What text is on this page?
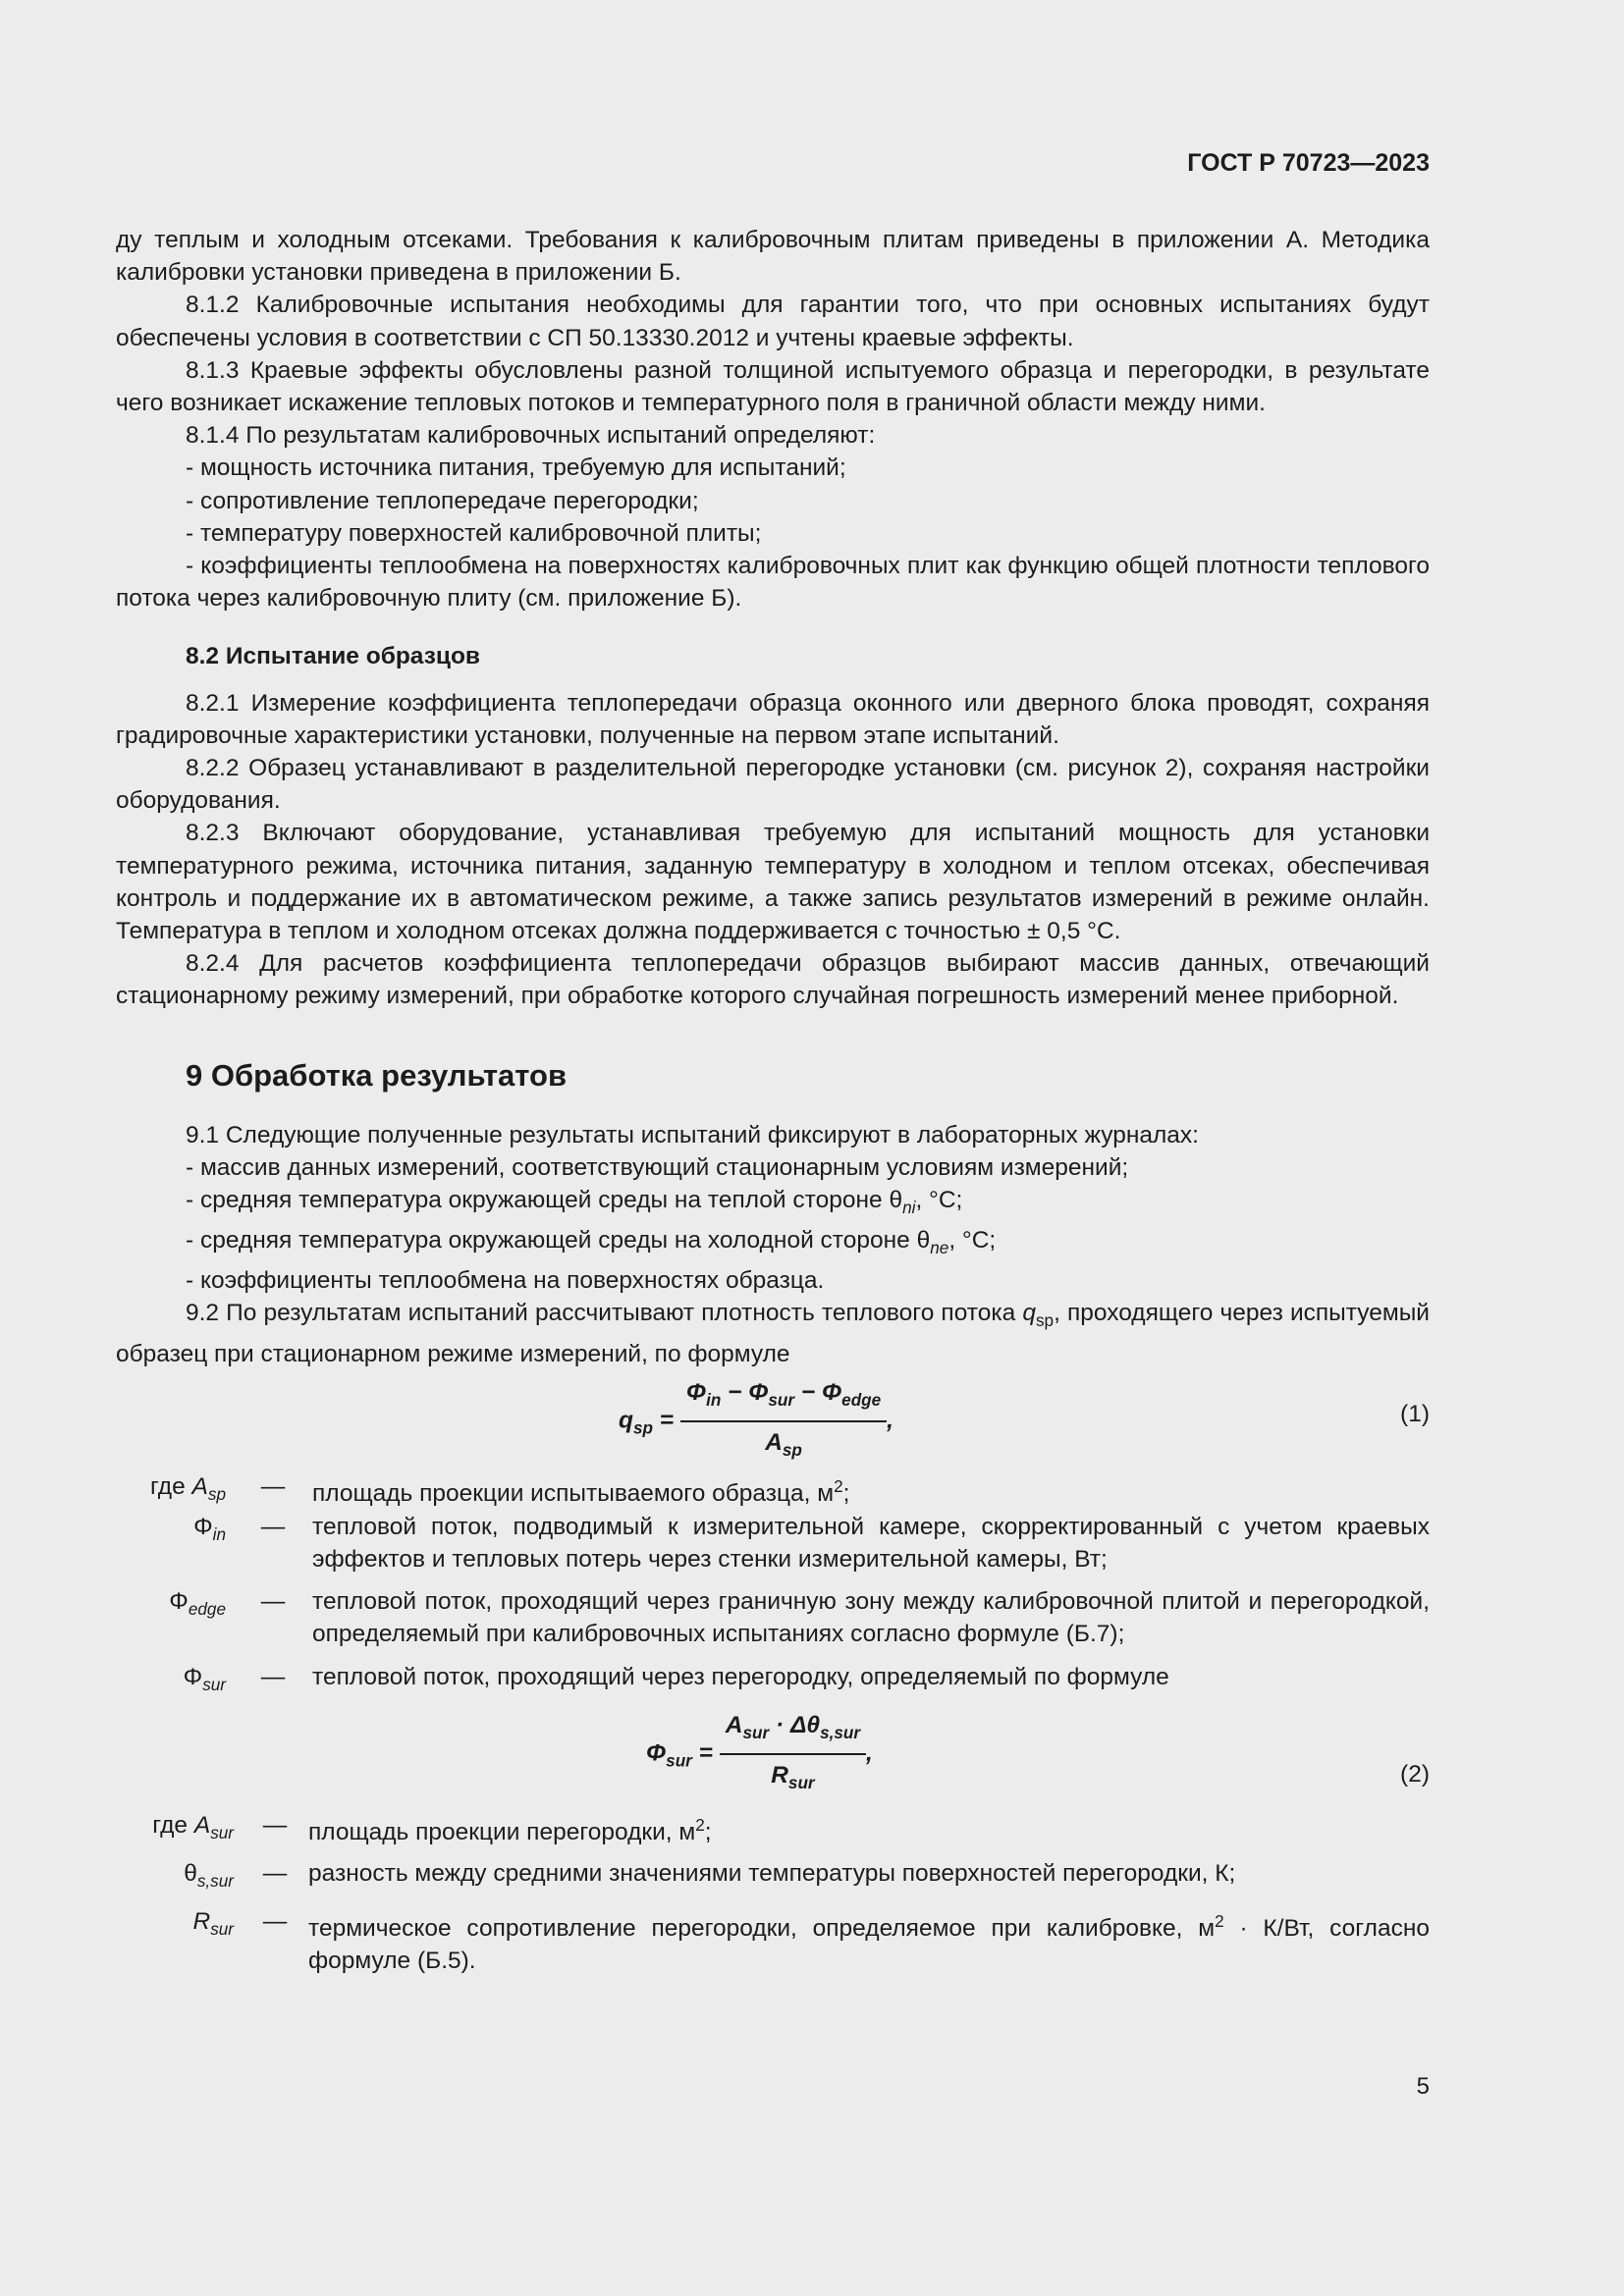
ГОСТ Р 70723—2023

ду теплым и холодным отсеками. Требования к калибровочным плитам приведены в приложении А. Методика калибровки установки приведена в приложении Б.

8.1.2 Калибровочные испытания необходимы для гарантии того, что при основных испытаниях будут обеспечены условия в соответствии с СП 50.13330.2012 и учтены краевые эффекты.

8.1.3 Краевые эффекты обусловлены разной толщиной испытуемого образца и перегородки, в результате чего возникает искажение тепловых потоков и температурного поля в граничной области между ними.

8.1.4 По результатам калибровочных испытаний определяют:

- мощность источника питания, требуемую для испытаний;

- сопротивление теплопередаче перегородки;

- температуру поверхностей калибровочной плиты;

- коэффициенты теплообмена на поверхностях калибровочных плит как функцию общей плотности теплового потока через калибровочную плиту (см. приложение Б).

8.2 Испытание образцов

8.2.1 Измерение коэффициента теплопередачи образца оконного или дверного блока проводят, сохраняя градировочные характеристики установки, полученные на первом этапе испытаний.

8.2.2 Образец устанавливают в разделительной перегородке установки (см. рисунок 2), сохраняя настройки оборудования.

8.2.3 Включают оборудование, устанавливая требуемую для испытаний мощность для установки температурного режима, источника питания, заданную температуру в холодном и теплом отсеках, обеспечивая контроль и поддержание их в автоматическом режиме, а также запись результатов измерений в режиме онлайн. Температура в теплом и холодном отсеках должна поддерживается с точностью ± 0,5 °С.

8.2.4 Для расчетов коэффициента теплопередачи образцов выбирают массив данных, отвечающий стационарному режиму измерений, при обработке которого случайная погрешность измерений менее приборной.

9 Обработка результатов

9.1 Следующие полученные результаты испытаний фиксируют в лабораторных журналах:

- массив данных измерений, соответствующий стационарным условиям измерений;

- средняя температура окружающей среды на теплой стороне $\theta_{ni}$, °С;

- средняя температура окружающей среды на холодной стороне $\theta_{ne}$, °С;

- коэффициенты теплообмена на поверхностях образца.

9.2 По результатам испытаний рассчитывают плотность теплового потока $q_{sp}$, проходящего через испытуемый образец при стационарном режиме измерений, по формуле

$q_{sp} = \frac{\Phi_{in} - \Phi_{sur} - \Phi_{edge}}{A_{sp}}$ ,	(1)
где $A_{sp}$	—	площадь проекции испытываемого образца, $м^2$;
$\Phi_{in}$	—	тепловой поток, подводимый к измерительной камере, скорректированный с учетом краевых эффектов и тепловых потерь через стенки измерительной камеры, Вт;
$\Phi_{edge}$	—	тепловой поток, проходящий через граничную зону между калибровочной плитой и перегородкой, определяемый при калибровочных испытаниях согласно формуле (Б.7);
$\Phi_{sur}$	—	тепловой поток, проходящий через перегородку, определяемый по формуле
$\Phi_{sur} = \frac{A_{sur} \cdot \Delta\theta_{s,sur}}{R_{sur}}$ ,
(2)
где $A_{sur}$	— площадь проекции перегородки, $м^2$;
$\theta_{s,sur}$	— разность между средними значениями температуры поверхностей перегородки, К;
$R_{sur}$	— термическое сопротивление перегородки, определяемое при калибровке, $м^2 \cdot К/Вт$, согласно формуле (Б.5).
5
